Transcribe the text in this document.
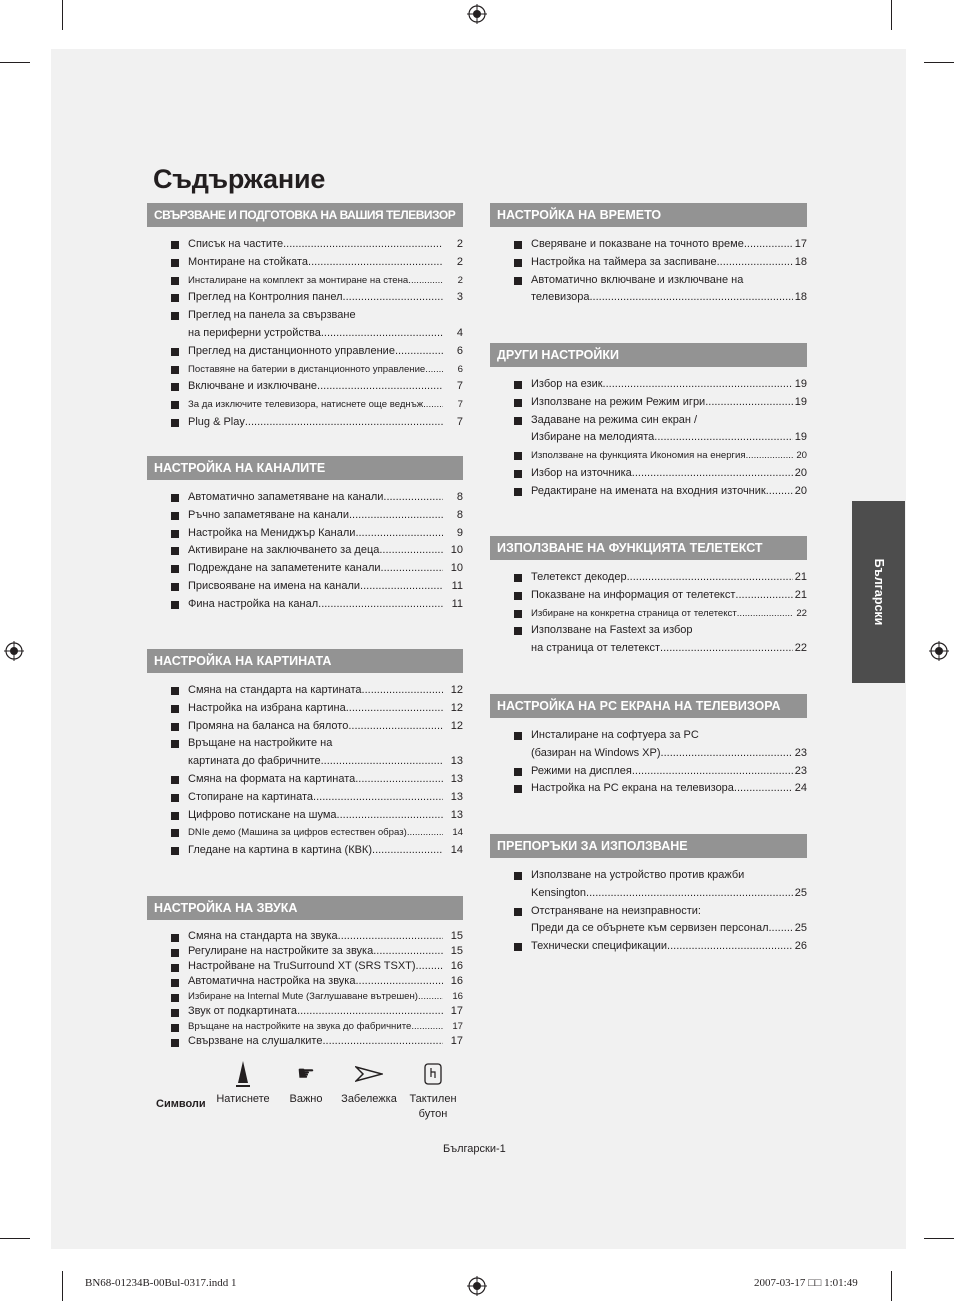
Съдържание
Български
СВЪРЗВАНЕ И ПОДГОТОВКА НА ВАШИЯ ТЕЛЕВИЗОР
Списък на частите .....	2
Монтиране на стойката .....	2
Инсталиране на комплект за монтиране на стена .....	2
Преглед на Контролния панел .....	3
Преглед на панела за свързване
на периферни устройства .....	4
Преглед на дистанционното управление .....	6
Поставяне на батерии в дистанционното управление .....	6
Включване и изключване .....	7
За да изключите телевизора, натиснете още веднъж. .....	7
Plug & Play .....	7
НАСТРОЙКА НА КАНАЛИТЕ
Автоматично запаметяване на канали .....	8
Ръчно запаметяване на канали .....	8
Настройка на Мениджър Канали .....	9
Активиране на заключването за деца .....	10
Подреждане на запаметените канали .....	10
Присвояване на имена на канали .....	11
Фина настройка на канал .....	11
НАСТРОЙКА НА КАРТИНАТА
Смяна на стандарта на картината .....	12
Настройка на избрана картина .....	12
Промяна на баланса на бялото .....	12
Връщане на настройките на
картината до фабричните .....	13
Смяна на формата на картината .....	13
Стопиране на картината .....	13
Цифрово потискане на шума .....	13
DNIe демо (Машина за цифров естествен образ) .....	14
Гледане на картина в картина (КВК) .....	14
НАСТРОЙКА НА ЗВУКА
Смяна на стандарта на звука .....	15
Регулиране на настройките за звука .....	15
Настройване на TruSurround XT (SRS TSXT) .....	16
Автоматична настройка на звука .....	16
Избиране на Internal Mute (Заглушаване вътрешен) .....	16
Звук от подкартината .....	17
Връщане на настройките на звука до фабричните .....	17
Свързване на слушалките .....	17
НАСТРОЙКА НА ВРЕМЕТО
Сверяване и показване на точното време .....	17
Настройка на таймера за заспиване .....	18
Автоматично включване и изключване на
телевизора .....	18
ДРУГИ НАСТРОЙКИ
Избор на език .....	19
Използване на режим Режим игри .....	19
Задаване на режима син екран /
Избиране на мелодията .....	19
Използване на функцията Икономия на енергия .....	20
Избор на източника .....	20
Редактиране на имената на входния източник .....	20
ИЗПОЛЗВАНЕ НА ФУНКЦИЯТА ТЕЛЕТЕКСТ
Телетекст декодер .....	21
Показване на информация от телетекст .....	21
Избиране на конкретна страница от телетекст .....	22
Използване на Fastext за избор
на страница от телетекст .....	22
НАСТРОЙКА НА PC ЕКРАНА НА ТЕЛЕВИЗОРА
Инсталиране на софтуера за PC
(базиран на Windows XP) .....	23
Режими на дисплея .....	23
Настройка на PC екрана на телевизора .....	24
ПРЕПОРЪКИ ЗА ИЗПОЛЗВАНЕ
Използване на устройство против кражби
Kensington .....	25
Отстраняване на неизправности:
Преди да се обърнете към сервизен персонал ..... 25
Технически спецификации .....	26
Символи Натиснете
☛
Важно	Забележка	Тактилен бутон
Български-1
BN68-01234B-00Bul-0317.indd 1	2007-03-17 □□ 1:01:49
